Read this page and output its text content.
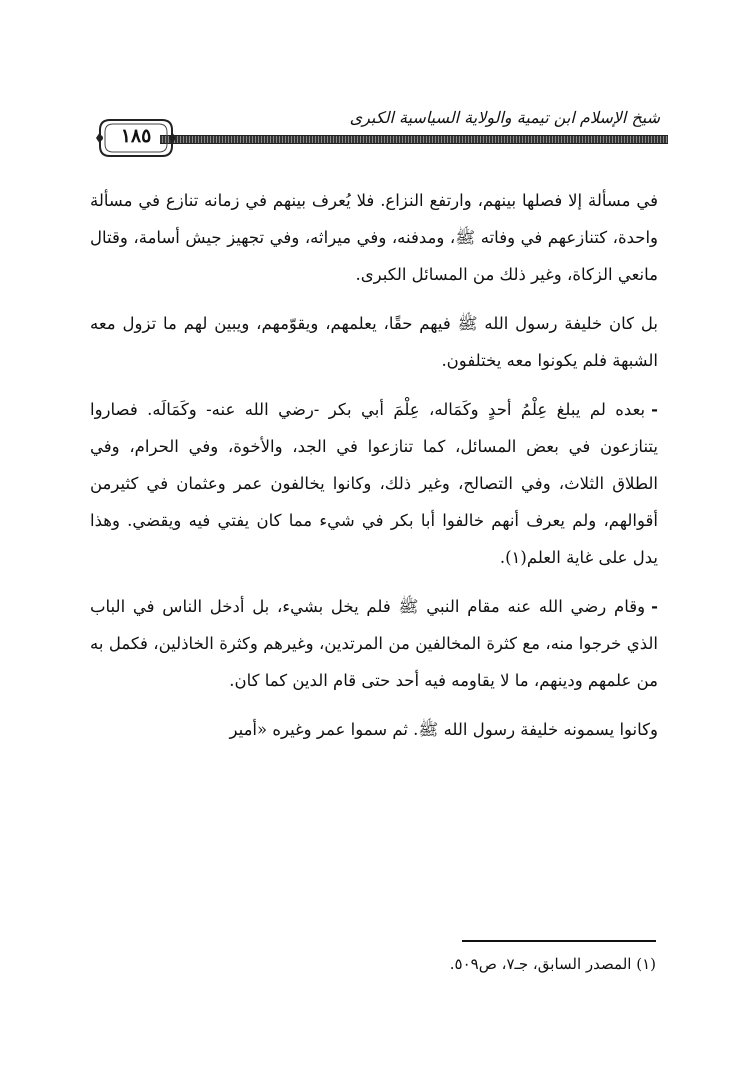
شيخ الإسلام ابن تيمية والولاية السياسية الكبرى
١٨٥

في مسألة إلا فصلها بينهم، وارتفع النزاع. فلا يُعرف بينهم في زمانه تنازع في مسألة واحدة، كتنازعهم في وفاته ﷺ، ومدفنه، وفي ميراثه، وفي تجهيز جيش أسامة، وقتال مانعي الزكاة، وغير ذلك من المسائل الكبرى.

بل كان خليفة رسول الله ﷺ فيهم حقًا، يعلمهم، ويقوّمهم، ويبين لهم ما تزول معه الشبهة فلم يكونوا معه يختلفون.

-بعده لم يبلغ عِلْمُ أحدٍ وكَمَاله، عِلْمَ أبي بكر -رضي الله عنه- وكَمَالَه. فصاروا يتنازعون في بعض المسائل، كما تنازعوا في الجد، والأخوة، وفي الحرام، وفي الطلاق الثلاث، وفي التصالح، وغير ذلك، وكانوا يخالفون عمر وعثمان في كثيرمن أقوالهم، ولم يعرف أنهم خالفوا أبا بكر في شيء مما كان يفتي فيه ويقضي. وهذا يدل على غاية العلم(١).

-وقام رضي الله عنه مقام النبي ﷺ فلم يخل بشيء، بل أدخل الناس في الباب الذي خرجوا منه، مع كثرة المخالفين من المرتدين، وغيرهم وكثرة الخاذلين، فكمل به من علمهم ودينهم، ما لا يقاومه فيه أحد حتى قام الدين كما كان.

وكانوا يسمونه خليفة رسول الله ﷺ. ثم سموا عمر وغيره «أمير

(١) المصدر السابق، جـ٧، ص٥٠٩.
